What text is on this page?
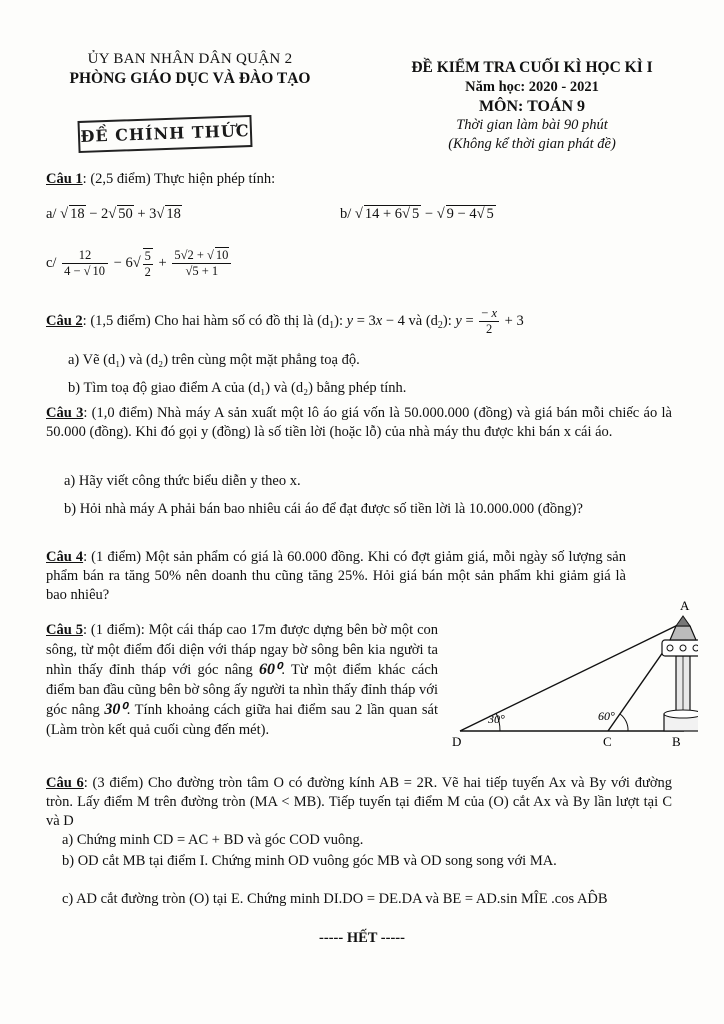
ỦY BAN NHÂN DÂN QUẬN 2
PHÒNG GIÁO DỤC VÀ ĐÀO TẠO
ĐỀ CHÍNH THỨC
ĐỀ KIỂM TRA CUỐI KÌ HỌC KÌ I
Năm học: 2020 - 2021
MÔN: TOÁN 9
Thời gian làm bài 90 phút
(Không kể thời gian phát đề)
Câu 1: (2,5 điểm) Thực hiện phép tính:
a/ √ 18 − 2√ 50 + 3√ 18	b/ √ 14 + 6√ 5 − √ 9 − 4√ 5
$c/ \frac{12}{4 - √ 10} - 6√ \frac{5}{2} + \frac{5√2 + √ 10}{√5 + 1}$
Câu 2: (1,5 điểm) Cho hai hàm số có đồ thị là $(d_1)$: y = 3x − 4 và $(d_2)$: $y = \frac{- x}{2} + 3$
a) Vẽ (d₁) và (d₂) trên cùng một mặt phẳng toạ độ.
b) Tìm toạ độ giao điểm A của (d₁) và (d₂) bằng phép tính.
Câu 3: (1,0 điểm) Nhà máy A sản xuất một lô áo giá vốn là 50.000.000 (đồng) và giá bán mỗi chiếc áo là 50.000 (đồng). Khi đó gọi y (đồng) là số tiền lời (hoặc lỗ) của nhà máy thu được khi bán x cái áo.
a) Hãy viết công thức biểu diễn y theo x.
b) Hỏi nhà máy A phải bán bao nhiêu cái áo để đạt được số tiền lời là 10.000.000 (đồng)?
Câu 4: (1 điểm) Một sản phẩm có giá là 60.000 đồng. Khi có đợt giảm giá, mỗi ngày số lượng sản phẩm bán ra tăng 50% nên doanh thu cũng tăng 25%. Hỏi giá bán một sản phẩm khi giảm giá là bao nhiêu?
Câu 5: (1 điểm): Một cái tháp cao 17m được dựng bên bờ một con sông, từ một điểm đối diện với tháp ngay bờ sông bên kia người ta nhìn thấy đỉnh tháp với góc nâng 60⁰. Từ một điểm khác cách điểm ban đầu cũng bên bờ sông ấy người ta nhìn thấy đỉnh tháp với góc nâng 30⁰. Tính khoảng cách giữa hai điểm sau 2 lần quan sát (Làm tròn kết quả cuối cùng đến mét).
A
B
C
D
30°	60°
Câu 6: (3 điểm) Cho đường tròn tâm O có đường kính AB = 2R. Vẽ hai tiếp tuyến Ax và By với đường tròn. Lấy điểm M trên đường tròn (MA < MB). Tiếp tuyến tại điểm M của (O) cắt Ax và By lần lượt tại C và D
a) Chứng minh CD = AC + BD và góc COD vuông.
b) OD cắt MB tại điểm I. Chứng minh OD vuông góc MB và OD song song với MA.
c) AD cắt đường tròn (O) tại E. Chứng minh DI.DO = DE.DA và BE = AD.sin MÎE .cos AD̂B
----- HẾT -----
